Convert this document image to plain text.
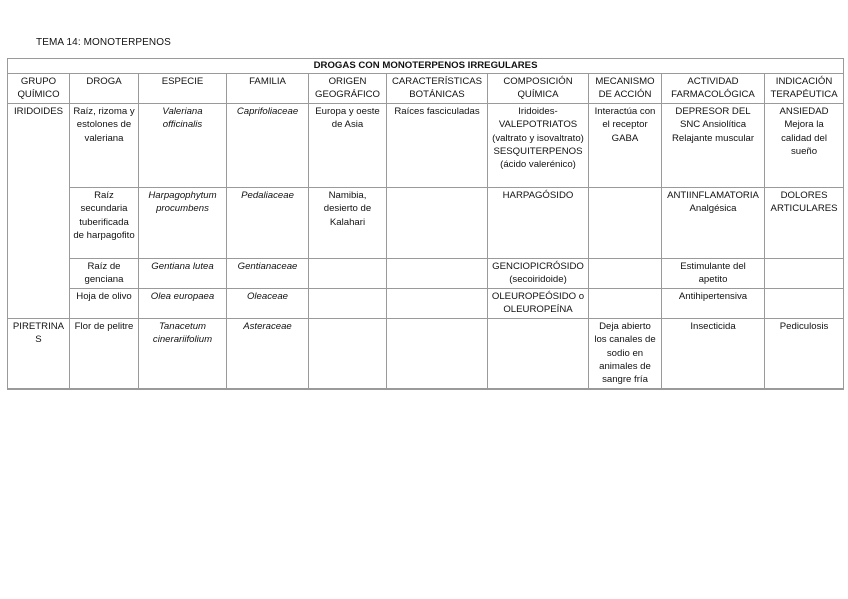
TEMA 14: MONOTERPENOS
DROGAS CON MONOTERPENOS IRREGULARES									
GRUPO QUÍMICO	DROGA	ESPECIE	FAMILIA	ORIGEN GEOGRÁFICO	CARACTERÍSTICAS BOTÁNICAS	COMPOSICIÓN QUÍMICA	MECANISMO DE ACCIÓN	ACTIVIDAD FARMACOLÓGICA	INDICACIÓN TERAPÉUTICA
IRIDOIDES	Raíz, rizoma y estolones de valeriana	Valeriana officinalis	Caprifoliaceae	Europa y oeste de Asia	Raíces fasciculadas	Iridoides-VALEPOTRIATOS (valtrato y isovaltrato) SESQUITERPENOS (ácido valerénico)	Interactúa con el receptor GABA	DEPRESOR DEL SNC Ansiolítica Relajante muscular	ANSIEDAD Mejora la calidad del sueño
	Raíz secundaria tuberificada de harpagofito	Harpagophytum procumbens	Pedaliaceae	Namibia, desierto de Kalahari		HARPAGÓSIDO		ANTIINFLAMATORIA Analgésica	DOLORES ARTICULARES
	Raíz de genciana	Gentiana lutea	Gentianaceae			GENCIOPICRÓSIDO (secoiridoide)		Estimulante del apetito	
	Hoja de olivo	Olea europaea	Oleaceae			OLEUROPEÓSIDO o OLEUROPEÍNA		Antihipertensiva	
PIRETRINAS	Flor de pelitre	Tanacetum cinerariifolium	Asteraceae				Deja abierto los canales de sodio en animales de sangre fría	Insecticida	Pediculosis
